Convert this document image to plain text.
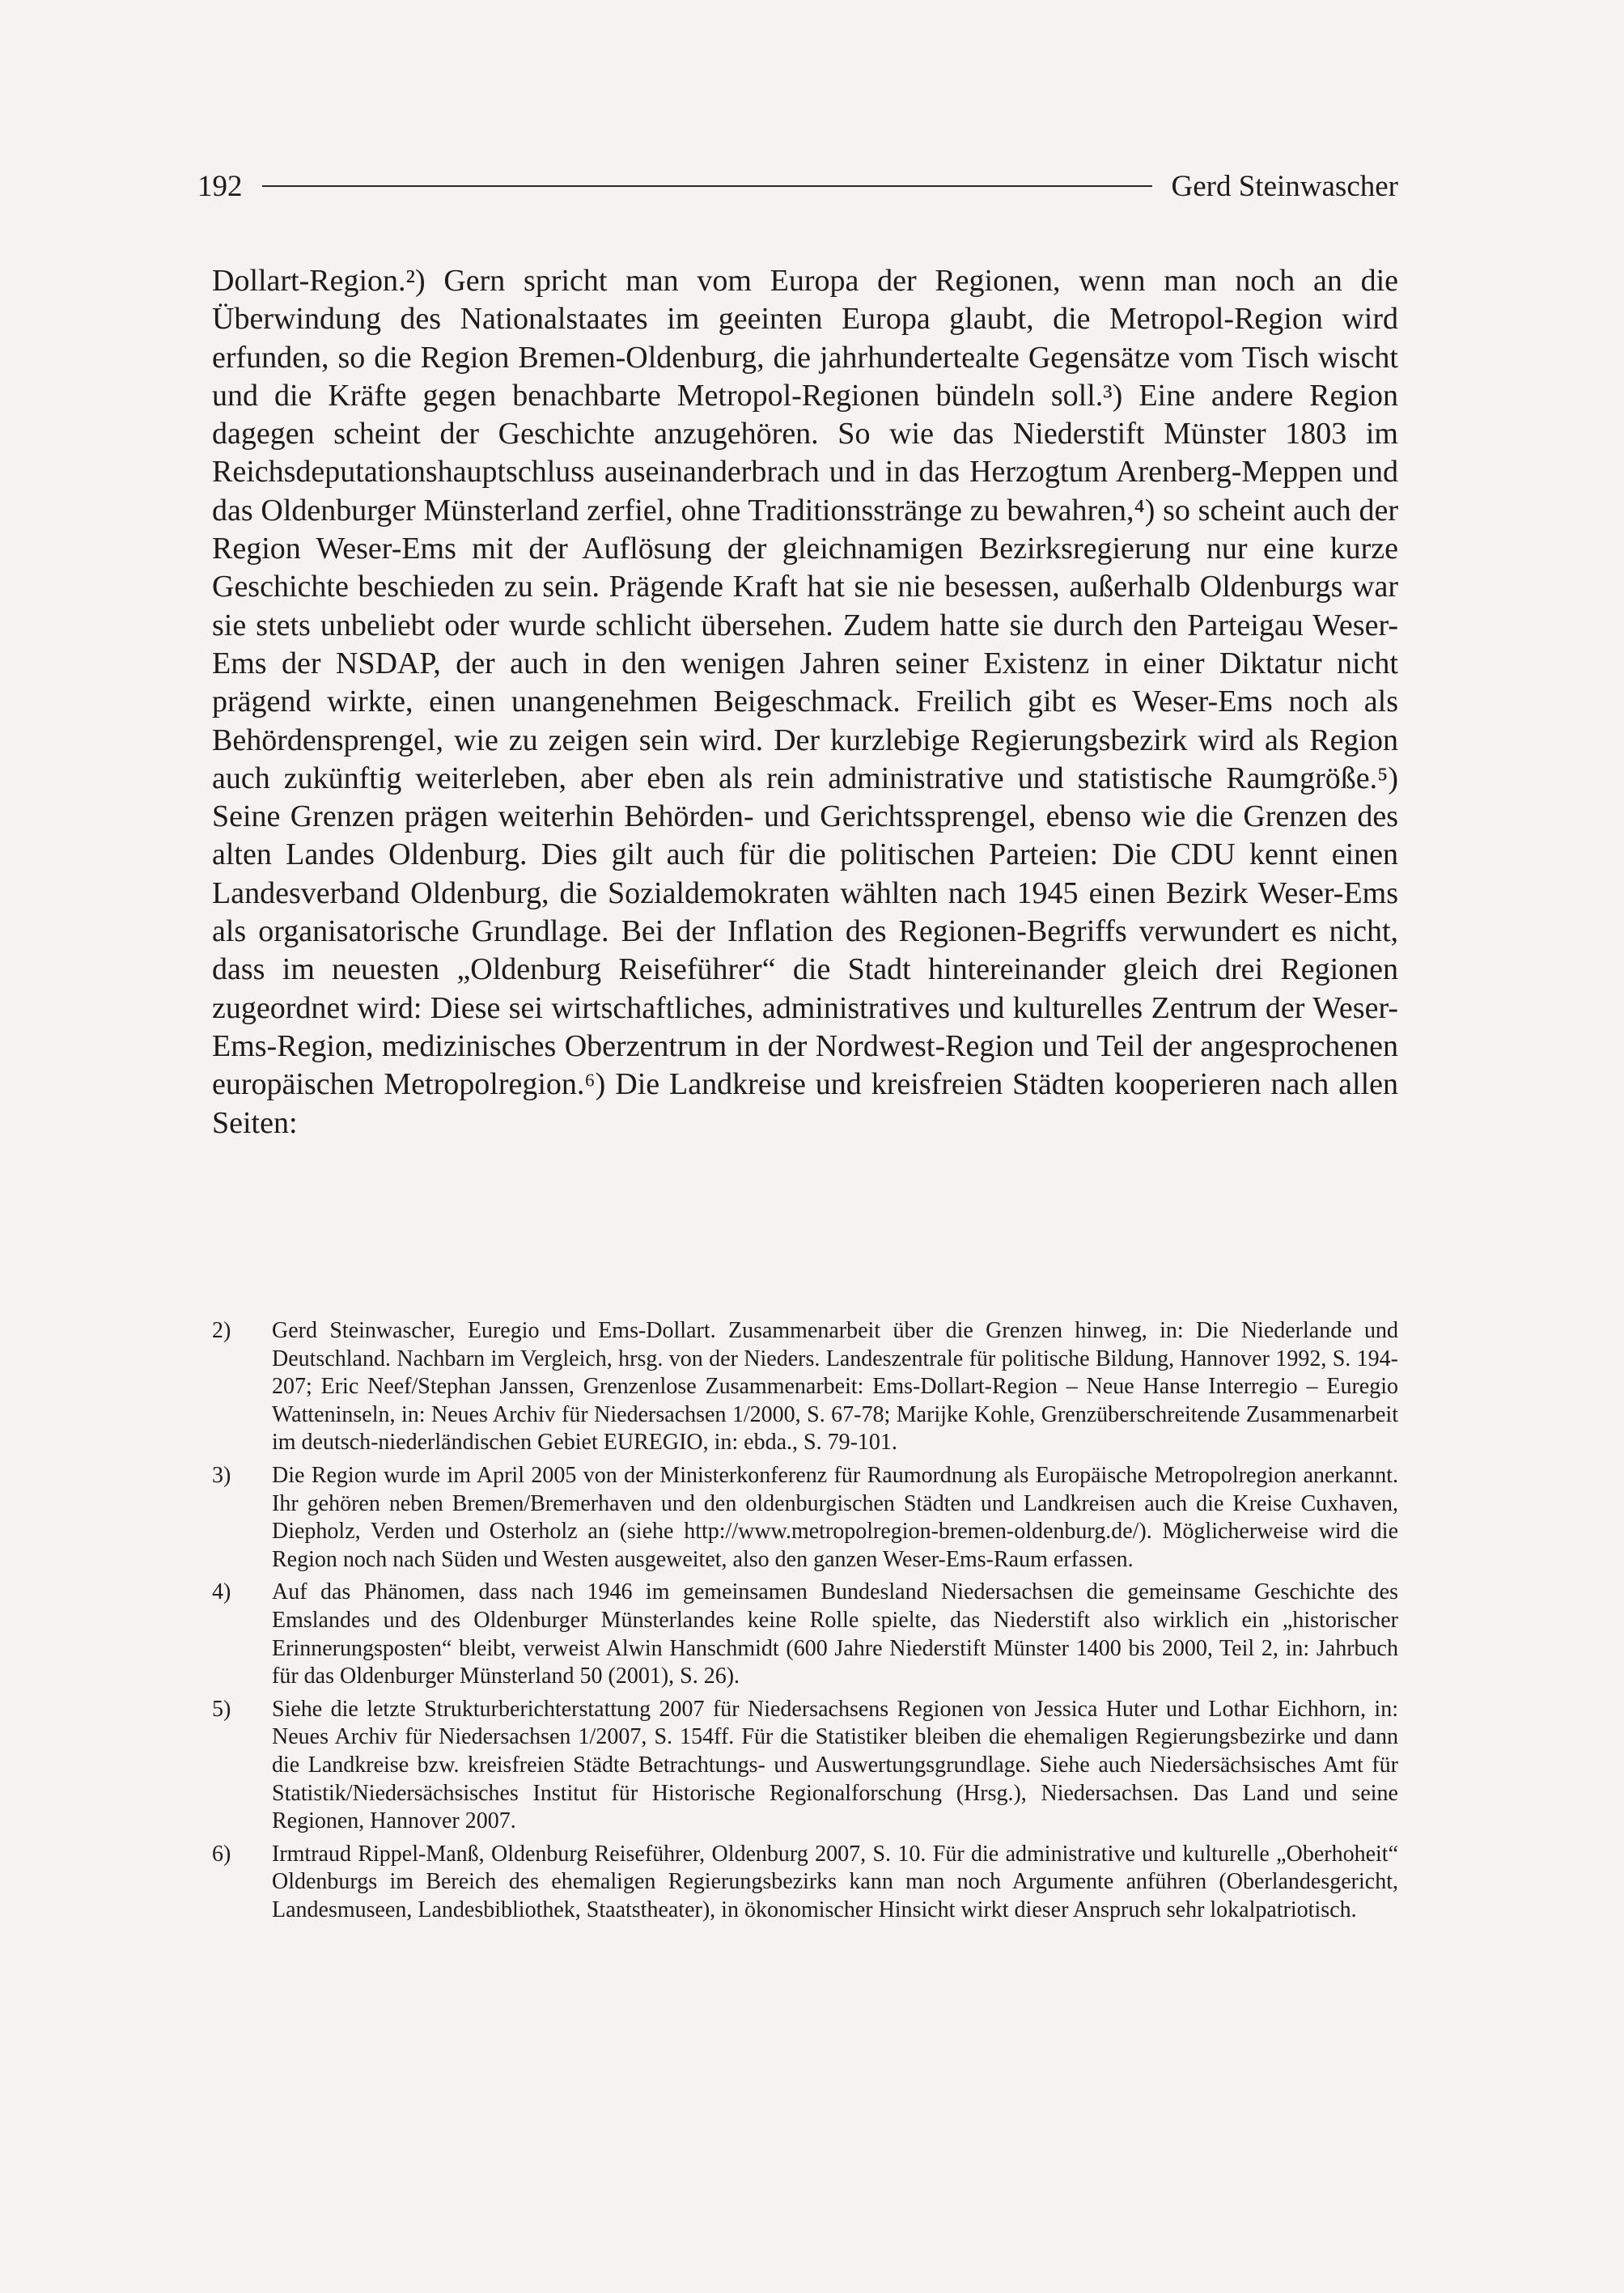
192	Gerd Steinwascher

Dollart-Region.²) Gern spricht man vom Europa der Regionen, wenn man noch an die Überwindung des Nationalstaates im geeinten Europa glaubt, die Metropol-Region wird erfunden, so die Region Bremen-Oldenburg, die jahrhundertealte Gegensätze vom Tisch wischt und die Kräfte gegen benachbarte Metropol-Regionen bündeln soll.³) Eine andere Region dagegen scheint der Geschichte anzugehören. So wie das Niederstift Münster 1803 im Reichsdeputationshauptschluss auseinanderbrach und in das Herzogtum Arenberg-Meppen und das Oldenburger Münsterland zerfiel, ohne Traditionsstränge zu bewahren,⁴) so scheint auch der Region Weser-Ems mit der Auflösung der gleichnamigen Bezirksregierung nur eine kurze Geschichte beschieden zu sein. Prägende Kraft hat sie nie besessen, außerhalb Oldenburgs war sie stets unbeliebt oder wurde schlicht übersehen. Zudem hatte sie durch den Parteigau Weser-Ems der NSDAP, der auch in den wenigen Jahren seiner Existenz in einer Diktatur nicht prägend wirkte, einen unangenehmen Beigeschmack. Freilich gibt es Weser-Ems noch als Behördensprengel, wie zu zeigen sein wird. Der kurzlebige Regierungsbezirk wird als Region auch zukünftig weiterleben, aber eben als rein administrative und statistische Raumgröße.⁵) Seine Grenzen prägen weiterhin Behörden- und Gerichtssprengel, ebenso wie die Grenzen des alten Landes Oldenburg. Dies gilt auch für die politischen Parteien: Die CDU kennt einen Landesverband Oldenburg, die Sozialdemokraten wählten nach 1945 einen Bezirk Weser-Ems als organisatorische Grundlage. Bei der Inflation des Regionen-Begriffs verwundert es nicht, dass im neuesten „Oldenburg Reiseführer“ die Stadt hintereinander gleich drei Regionen zugeordnet wird: Diese sei wirtschaftliches, administratives und kulturelles Zentrum der Weser-Ems-Region, medizinisches Oberzentrum in der Nordwest-Region und Teil der angesprochenen europäischen Metropolregion.⁶) Die Landkreise und kreisfreien Städten kooperieren nach allen Seiten:

2)	Gerd Steinwascher, Euregio und Ems-Dollart. Zusammenarbeit über die Grenzen hinweg, in: Die Niederlande und Deutschland. Nachbarn im Vergleich, hrsg. von der Nieders. Landeszentrale für politische Bildung, Hannover 1992, S. 194-207; Eric Neef/Stephan Janssen, Grenzenlose Zusammenarbeit: Ems-Dollart-Region – Neue Hanse Interregio – Euregio Watteninseln, in: Neues Archiv für Niedersachsen 1/2000, S. 67-78; Marijke Kohle, Grenzüberschreitende Zusammenarbeit im deutsch-niederländischen Gebiet EUREGIO, in: ebda., S. 79-101.
3)	Die Region wurde im April 2005 von der Ministerkonferenz für Raumordnung als Europäische Metropolregion anerkannt. Ihr gehören neben Bremen/Bremerhaven und den oldenburgischen Städten und Landkreisen auch die Kreise Cuxhaven, Diepholz, Verden und Osterholz an (siehe http://www.metropolregion-bremen-oldenburg.de/). Möglicherweise wird die Region noch nach Süden und Westen ausgeweitet, also den ganzen Weser-Ems-Raum erfassen.
4)	Auf das Phänomen, dass nach 1946 im gemeinsamen Bundesland Niedersachsen die gemeinsame Geschichte des Emslandes und des Oldenburger Münsterlandes keine Rolle spielte, das Niederstift also wirklich ein „historischer Erinnerungsposten“ bleibt, verweist Alwin Hanschmidt (600 Jahre Niederstift Münster 1400 bis 2000, Teil 2, in: Jahrbuch für das Oldenburger Münsterland 50 (2001), S. 26).
5)	Siehe die letzte Strukturberichterstattung 2007 für Niedersachsens Regionen von Jessica Huter und Lothar Eichhorn, in: Neues Archiv für Niedersachsen 1/2007, S. 154ff. Für die Statistiker bleiben die ehemaligen Regierungsbezirke und dann die Landkreise bzw. kreisfreien Städte Betrachtungs- und Auswertungsgrundlage. Siehe auch Niedersächsisches Amt für Statistik/Niedersächsisches Institut für Historische Regionalforschung (Hrsg.), Niedersachsen. Das Land und seine Regionen, Hannover 2007.
6)	Irmtraud Rippel-Manß, Oldenburg Reiseführer, Oldenburg 2007, S. 10. Für die administrative und kulturelle „Oberhoheit“ Oldenburgs im Bereich des ehemaligen Regierungsbezirks kann man noch Argumente anführen (Oberlandesgericht, Landesmuseen, Landesbibliothek, Staatstheater), in ökonomischer Hinsicht wirkt dieser Anspruch sehr lokalpatriotisch.
